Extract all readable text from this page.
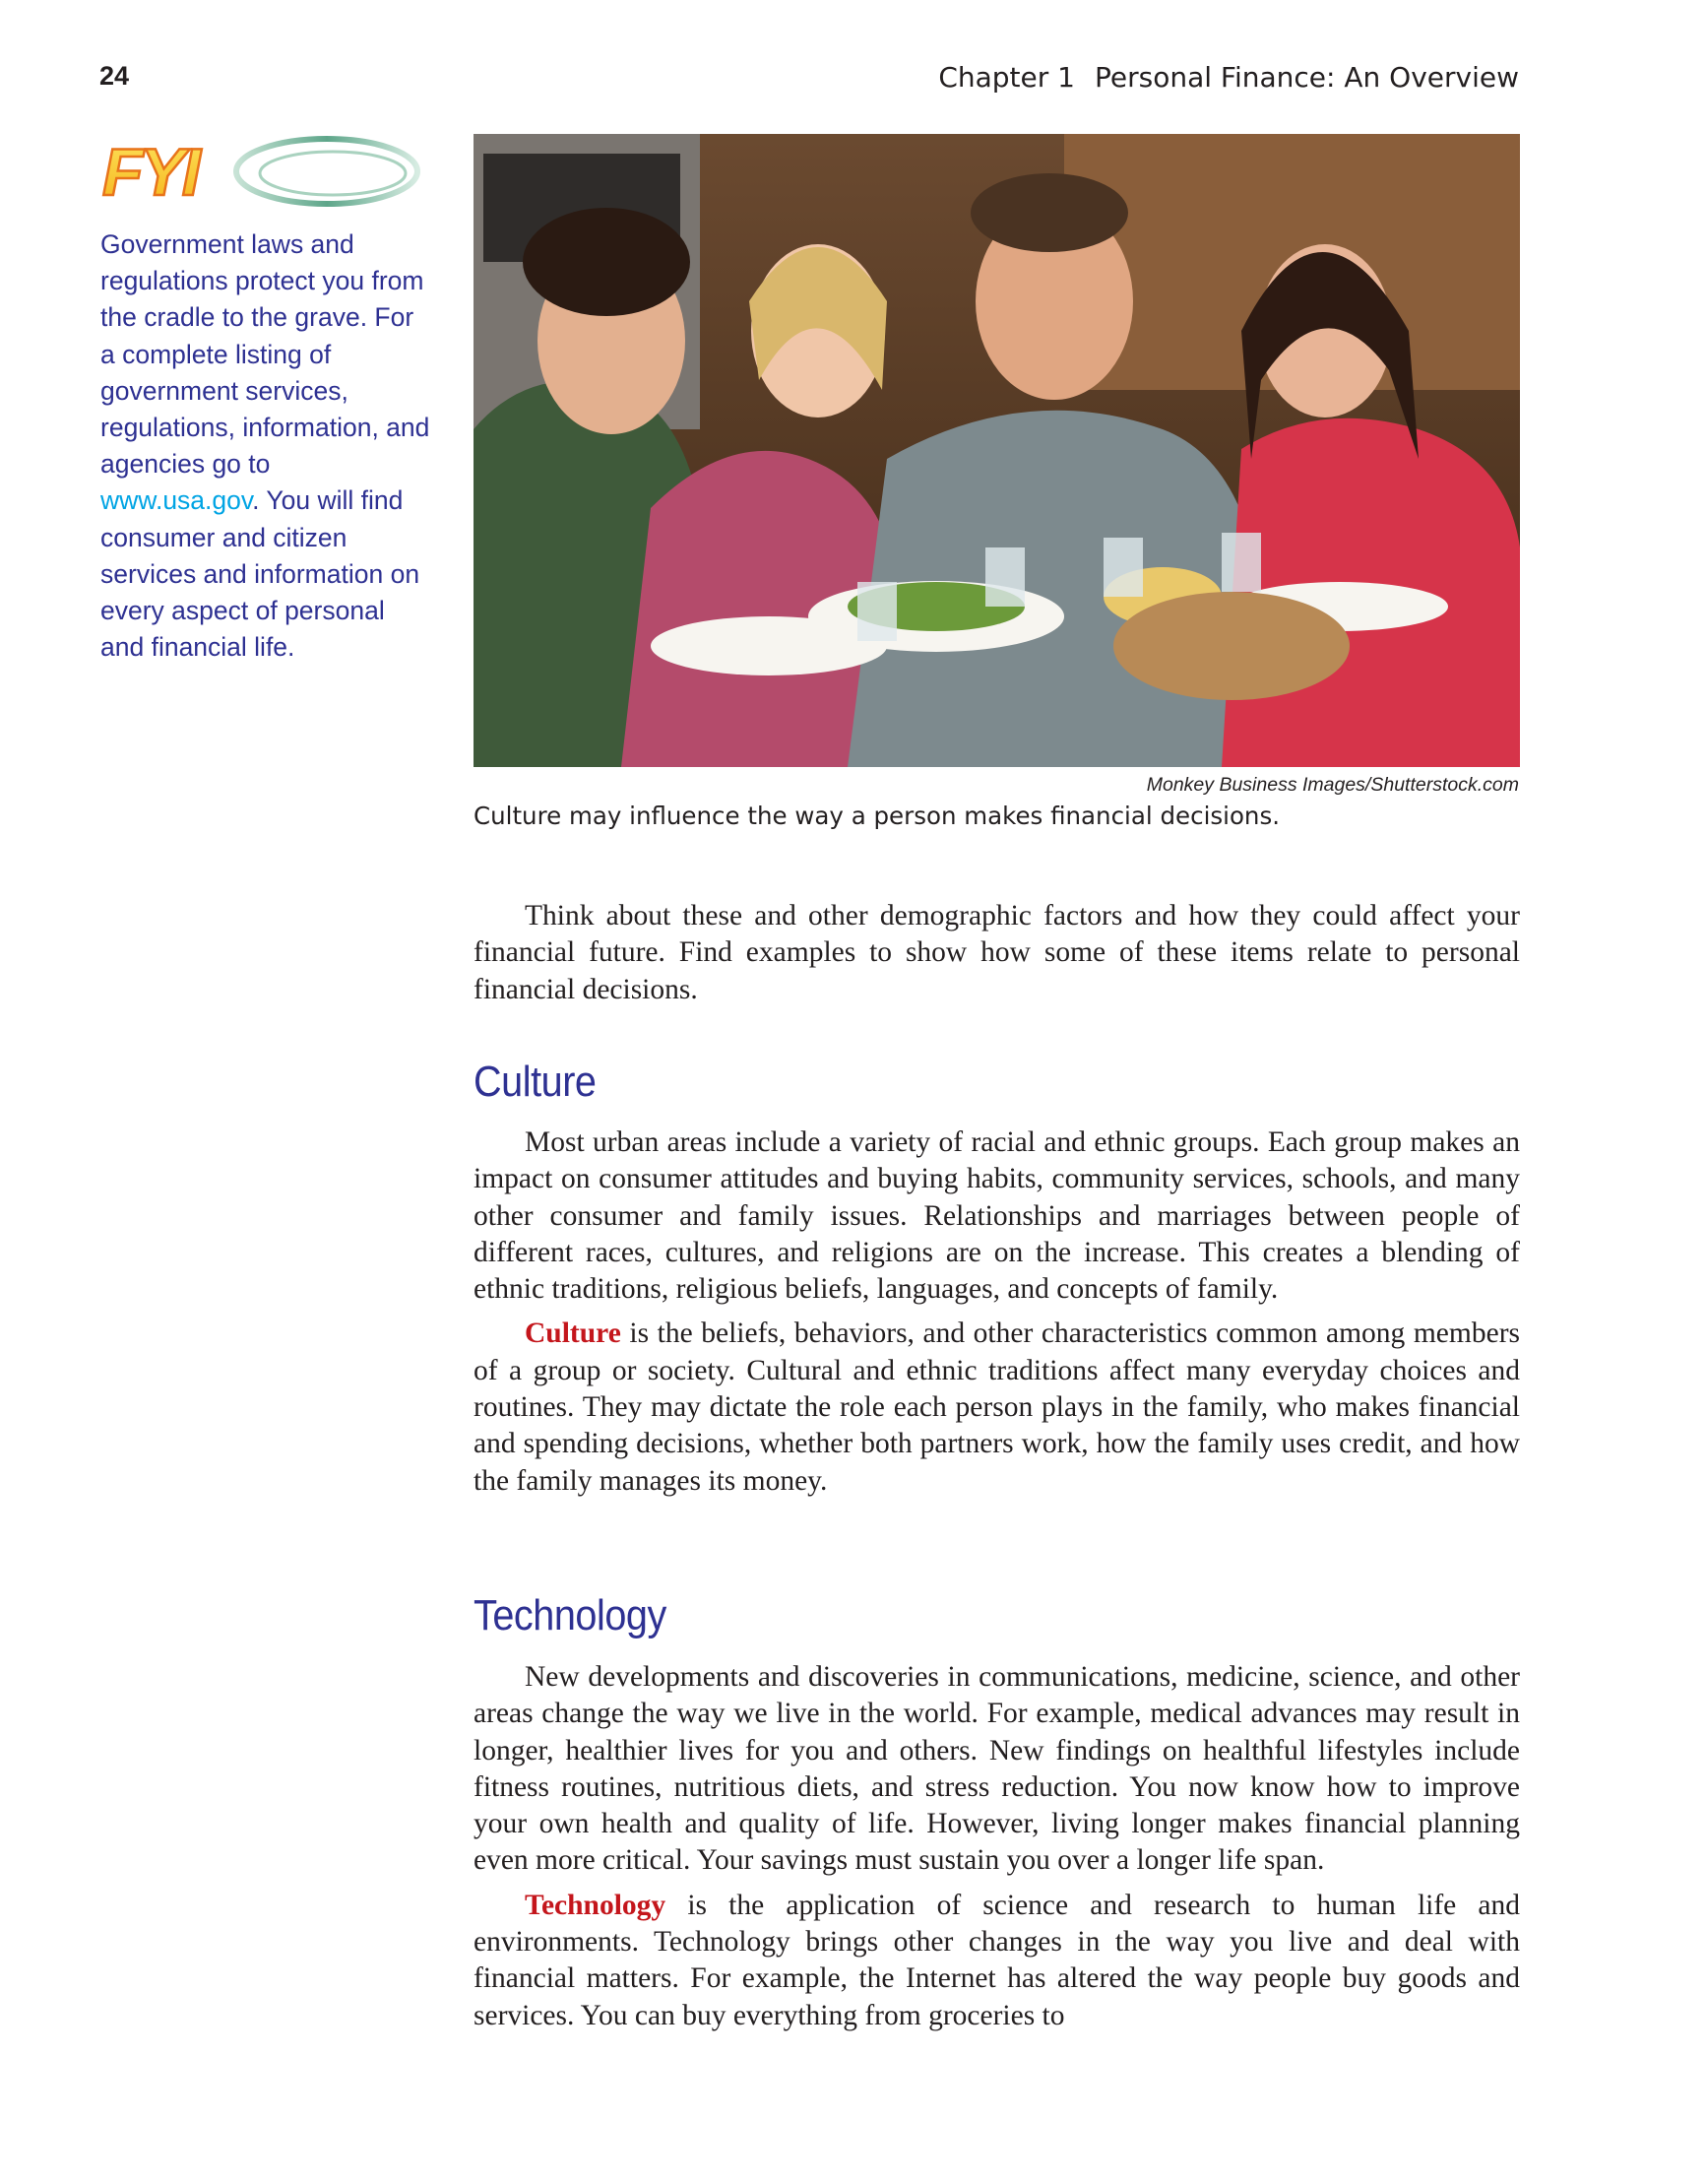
24	Chapter 1 Personal Finance: An Overview
FYI
Government laws and regulations protect you from the cradle to the grave. For a complete listing of government services, regulations, information, and agencies go to www.usa.gov. You will find consumer and citizen services and information on every aspect of personal and financial life.
Monkey Business Images/Shutterstock.com
Culture may influence the way a person makes financial decisions.

Think about these and other demographic factors and how they could affect your financial future. Find examples to show how some of these items relate to personal financial decisions.

Culture

Most urban areas include a variety of racial and ethnic groups. Each group makes an impact on consumer attitudes and buying habits, community services, schools, and many other consumer and family issues. Relationships and marriages between people of different races, cultures, and religions are on the increase. This creates a blending of ethnic traditions, religious beliefs, languages, and concepts of family.

Culture is the beliefs, behaviors, and other characteristics common among members of a group or society. Cultural and ethnic traditions affect many everyday choices and routines. They may dictate the role each person plays in the family, who makes financial and spending decisions, whether both partners work, how the family uses credit, and how the family manages its money.

Technology

New developments and discoveries in communications, medicine, science, and other areas change the way we live in the world. For example, medical advances may result in longer, healthier lives for you and others. New findings on healthful lifestyles include fitness routines, nutritious diets, and stress reduction. You now know how to improve your own health and quality of life. However, living longer makes financial planning even more critical. Your savings must sustain you over a longer life span.

Technology is the application of science and research to human life and environments. Technology brings other changes in the way you live and deal with financial matters. For example, the Internet has altered the way people buy goods and services. You can buy everything from groceries to
